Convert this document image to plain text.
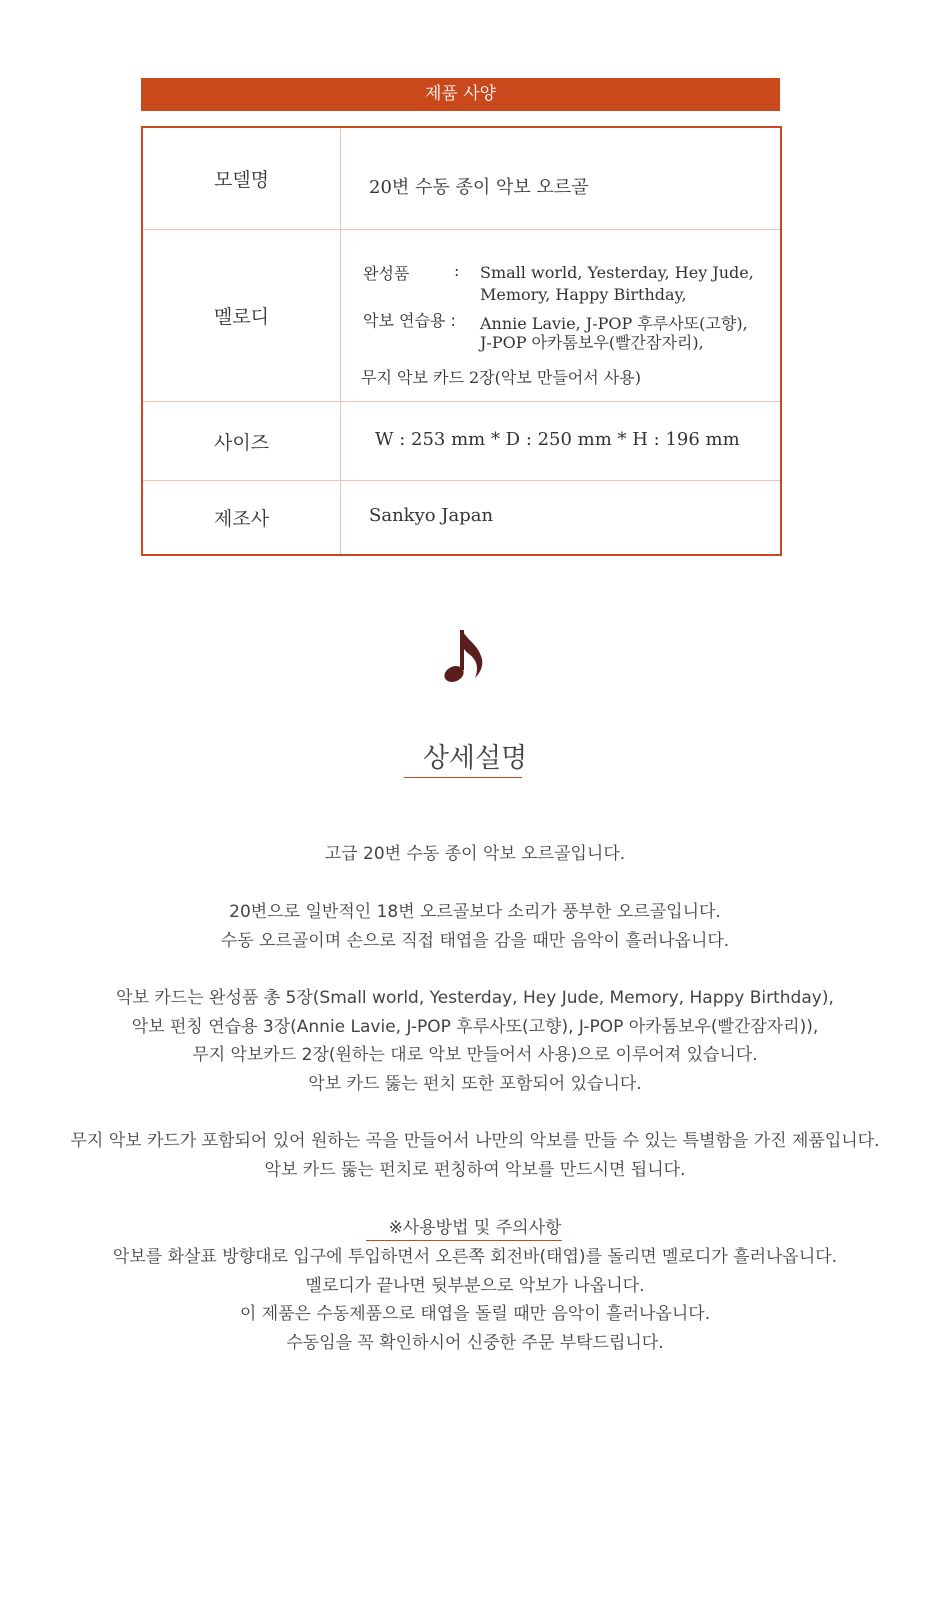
제품 사양
모델명	20변 수동 종이 악보 오르골
멜로디
완성품	: Small world, Yesterday, Hey Jude,
Memory, Happy Birthday,
악보 연습용 : Annie Lavie, J-POP 후루사또(고향),
J-POP 아카톰보우(빨간잠자리),
무지 악보 카드 2장(악보 만들어서 사용)
사이즈	W : 253 mm * D : 250 mm * H : 196 mm
제조사	Sankyo Japan
상세설명
고급 20변 수동 종이 악보 오르골입니다.
20변으로 일반적인 18변 오르골보다 소리가 풍부한 오르골입니다.
수동 오르골이며 손으로 직접 태엽을 감을 때만 음악이 흘러나옵니다.
악보 카드는 완성품 총 5장(Small world, Yesterday, Hey Jude, Memory, Happy Birthday),
악보 펀칭 연습용 3장(Annie Lavie, J-POP 후루사또(고향), J-POP 아카톰보우(빨간잠자리)),
무지 악보카드 2장(원하는 대로 악보 만들어서 사용)으로 이루어져 있습니다.
악보 카드 뚫는 펀치 또한 포함되어 있습니다.
무지 악보 카드가 포함되어 있어 원하는 곡을 만들어서 나만의 악보를 만들 수 있는 특별함을 가진 제품입니다.
악보 카드 뚫는 펀치로 펀칭하여 악보를 만드시면 됩니다.
※사용방법 및 주의사항
악보를 화살표 방향대로 입구에 투입하면서 오른쪽 회전바(태엽)를 돌리면 멜로디가 흘러나옵니다.
멜로디가 끝나면 뒷부분으로 악보가 나옵니다.
이 제품은 수동제품으로 태엽을 돌릴 때만 음악이 흘러나옵니다.
수동임을 꼭 확인하시어 신중한 주문 부탁드립니다.
